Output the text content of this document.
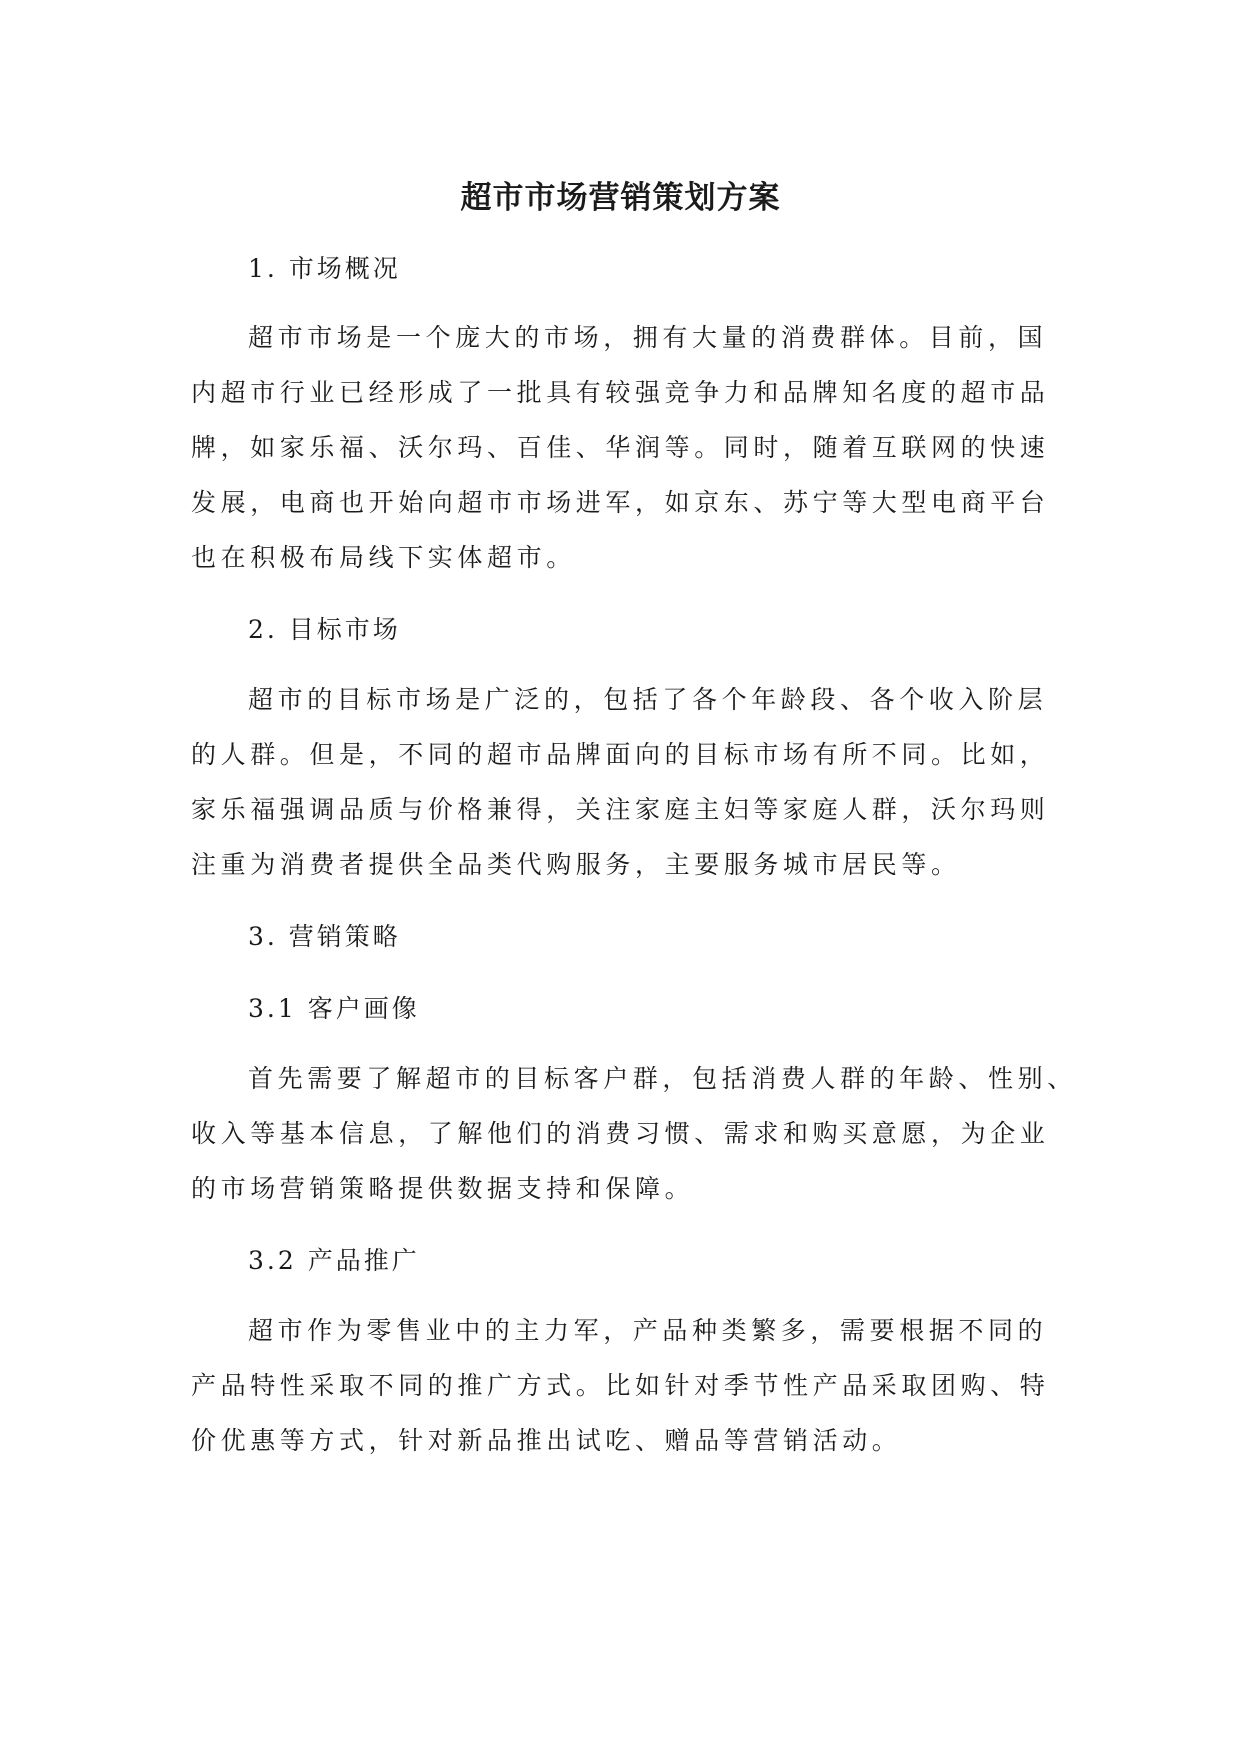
超市市场营销策划方案

1. 市场概况

超市市场是一个庞大的市场，拥有大量的消费群体。目前，国

内超市行业已经形成了一批具有较强竞争力和品牌知名度的超市品

牌，如家乐福、沃尔玛、百佳、华润等。同时，随着互联网的快速

发展，电商也开始向超市市场进军，如京东、苏宁等大型电商平台

也在积极布局线下实体超市。

2. 目标市场

超市的目标市场是广泛的，包括了各个年龄段、各个收入阶层

的人群。但是，不同的超市品牌面向的目标市场有所不同。比如，

家乐福强调品质与价格兼得，关注家庭主妇等家庭人群，沃尔玛则

注重为消费者提供全品类代购服务，主要服务城市居民等。

3. 营销策略

3.1 客户画像

首先需要了解超市的目标客户群，包括消费人群的年龄、性别、

收入等基本信息，了解他们的消费习惯、需求和购买意愿，为企业

的市场营销策略提供数据支持和保障。

3.2 产品推广

超市作为零售业中的主力军，产品种类繁多，需要根据不同的

产品特性采取不同的推广方式。比如针对季节性产品采取团购、特

价优惠等方式，针对新品推出试吃、赠品等营销活动。
